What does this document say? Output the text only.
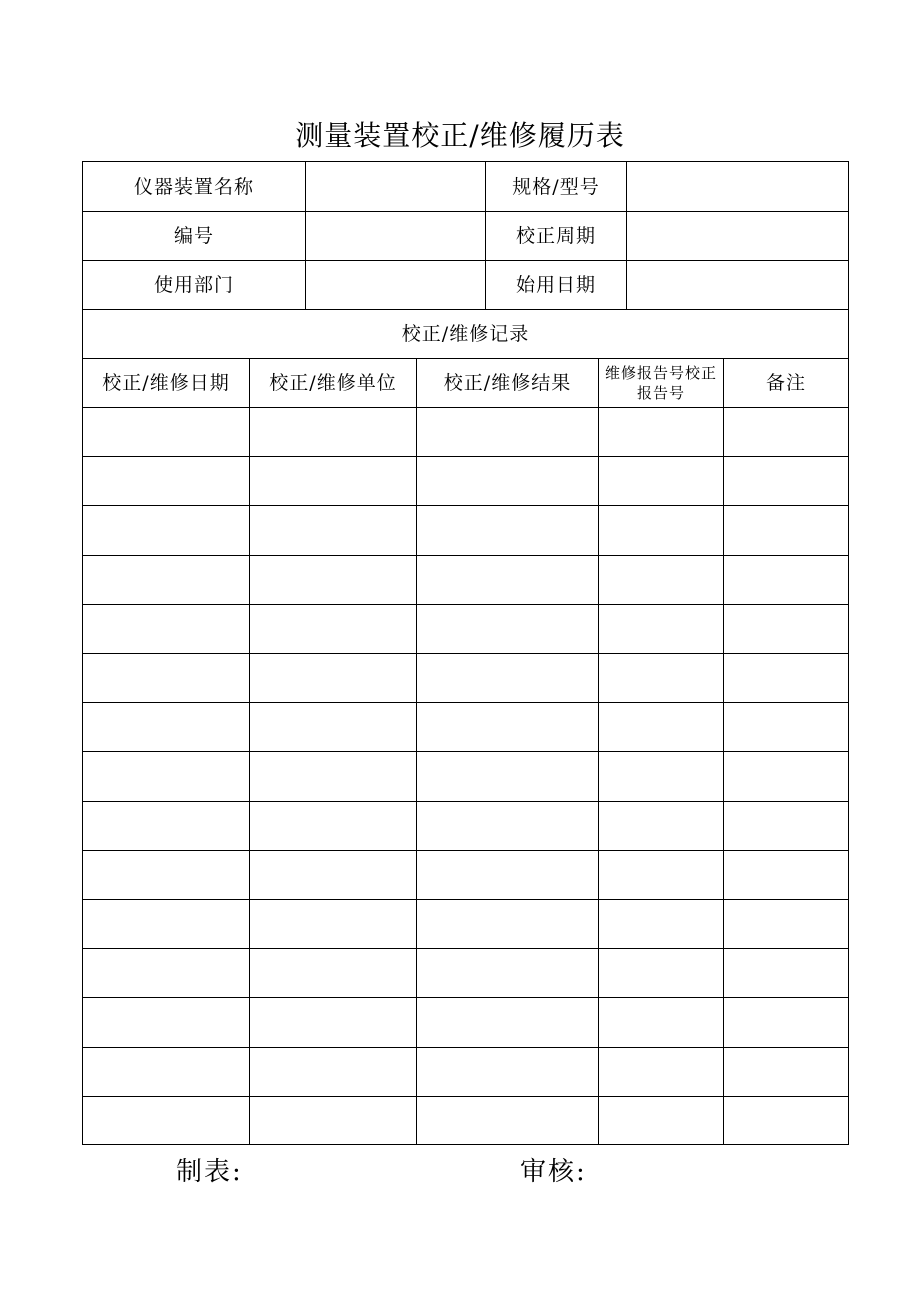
测量装置校正/维修履历表
仪器装置名称	规格/型号
编号	校正周期
使用部门	始用日期
校正/维修记录
校正/维修日期	校正/维修单位	校正/维修结果	维修报告号校正报告号	备注
制表:	审核:
